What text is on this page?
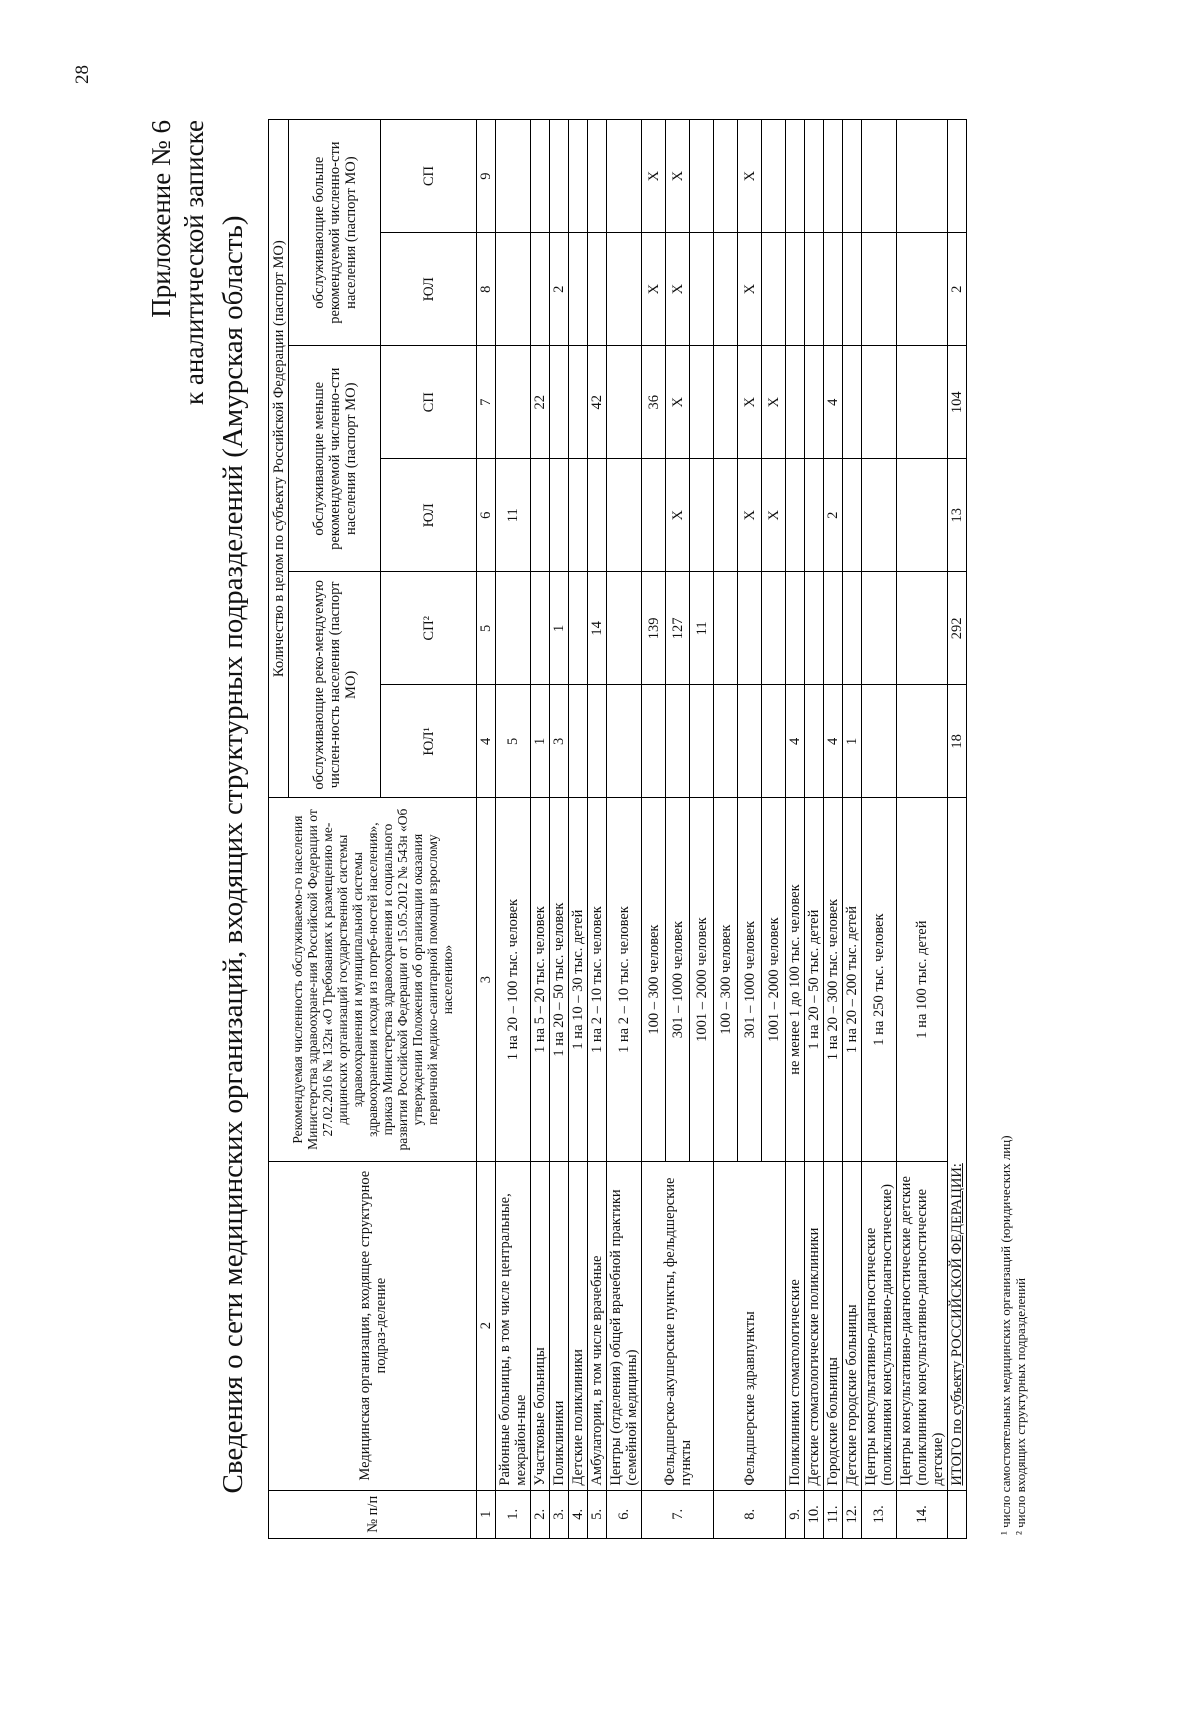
28
Приложение № 6 к аналитической записке Сведения о сети медицинских организаций, входящих структурных подразделений (Амурская область)
№ п/п	Медицинская организация, входящее структурное подраз-деление	Рекомендуемая численность обслуживаемо-го населения Министерства здравоохране-ния Российской Федерации от 27.02.2016 № 132н «О Требованиях к размещению ме-дицинских организаций государственной системы здравоохранения и муниципальной системы здравоохранения исходя из потреб-ностей населения», приказ Министерства здравоохранения и социального развития Российской Федерации от 15.05.2012 № 543н «Об утверждении Положения об организации оказания первичной медико-санитарной помощи взрослому населению»	Количество в целом по субъекту Российской Федерации (паспорт МО)					
			обслуживающие реко-мендуемую числен-ность населения (паспорт МО)		обслуживающие меньше рекомендуемой численно-сти населения (паспорт МО)		обслуживающие больше рекомендуемой численно-сти населения (паспорт МО)	
			ЮЛ¹	СП²	ЮЛ	СП	ЮЛ	СП
1	2	3	4	5	6	7	8	9
1.	Районные больницы, в том числе центральные, межрайон-ные	1 на 20 – 100 тыс. человек	5		11			
2.	Участковые больницы	1 на 5 – 20 тыс. человек	1			22		
3.	Поликлиники	1 на 20 – 50 тыс. человек	3	1			2	
4.	Детские поликлиники	1 на 10 – 30 тыс. детей						
5.	Амбулатории, в том числе врачебные	1 на 2 – 10 тыс. человек		14		42		
6.	Центры (отделения) общей врачебной практики (семейной медицины)	1 на 2 – 10 тыс. человек						
7.	Фельдшерско-акушерские пункты, фельдшерские пункты	100 – 300 человек		139		36	X	X
		301 – 1000 человек		127	X	X	X	X
		1001 – 2000 человек		11				
8.	Фельдшерские здравпункты	100 – 300 человек						
		301 – 1000 человек			X	X	X	X
		1001 – 2000 человек			X	X		
9.	Поликлиники стоматологические	не менее 1 до 100 тыс. человек	4					
10.	Детские стоматологические поликлиники	1 на 20 – 50 тыс. детей						
11.	Городские больницы	1 на 20 – 300 тыс. человек	4		2	4		
12.	Детские городские больницы	1 на 20 – 200 тыс. детей	1					
13.	Центры консультативно-диагностические (поликлиники консультативно-диагностические)	1 на 250 тыс. человек						
14.	Центры консультативно-диагностические детские (поликлиники консультативно-диагностические детские)	1 на 100 тыс. детей						
	ИТОГО по субъекту РОССИЙСКОЙ ФЕДЕРАЦИИ:		18	292	13	104	2	
¹ число самостоятельных медицинских организаций (юридических лиц) ² число входящих структурных подразделений
